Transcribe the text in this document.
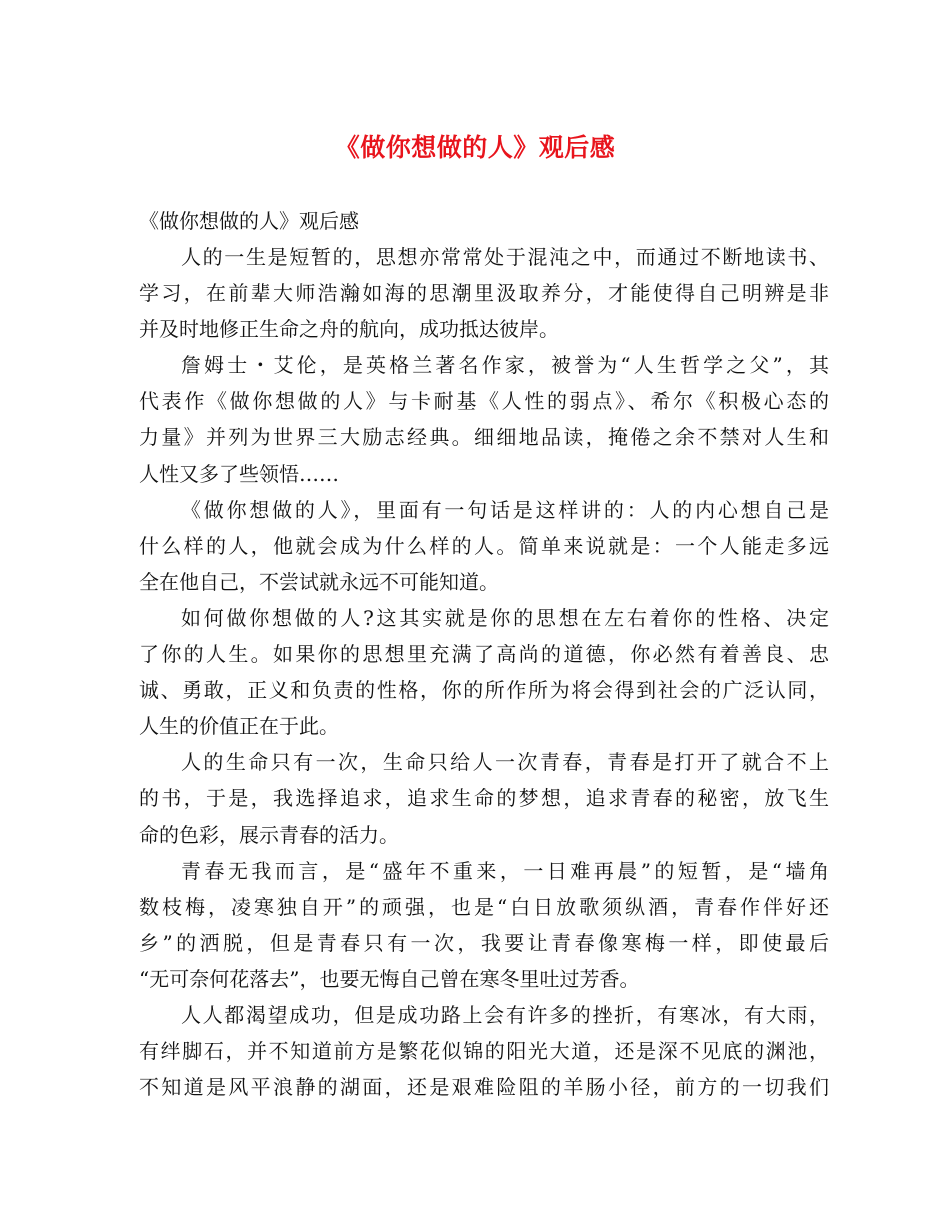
《做你想做的人》观后感

《做你想做的人》观后感

人的一生是短暂的，思想亦常常处于混沌之中，而通过不断地读书、
学习，在前辈大师浩瀚如海的思潮里汲取养分，才能使得自己明辨是非
并及时地修正生命之舟的航向，成功抵达彼岸。
詹姆士・艾伦，是英格兰著名作家，被誉为“人生哲学之父”，其
代表作《做你想做的人》与卡耐基《人性的弱点》、希尔《积极心态的
力量》并列为世界三大励志经典。细细地品读，掩倦之余不禁对人生和
人性又多了些领悟……
《做你想做的人》，里面有一句话是这样讲的：人的内心想自己是
什么样的人，他就会成为什么样的人。简单来说就是：一个人能走多远
全在他自己，不尝试就永远不可能知道。
如何做你想做的人?这其实就是你的思想在左右着你的性格、决定
了你的人生。如果你的思想里充满了高尚的道德，你必然有着善良、忠
诚、勇敢，正义和负责的性格，你的所作所为将会得到社会的广泛认同，
人生的价值正在于此。
人的生命只有一次，生命只给人一次青春，青春是打开了就合不上
的书，于是，我选择追求，追求生命的梦想，追求青春的秘密，放飞生
命的色彩，展示青春的活力。
青春无我而言，是“盛年不重来，一日难再晨”的短暂，是“墙角
数枝梅，凌寒独自开”的顽强，也是“白日放歌须纵酒，青春作伴好还
乡”的洒脱，但是青春只有一次，我要让青春像寒梅一样，即使最后
“无可奈何花落去”，也要无悔自己曾在寒冬里吐过芳香。
人人都渴望成功，但是成功路上会有许多的挫折，有寒冰，有大雨，
有绊脚石，并不知道前方是繁花似锦的阳光大道，还是深不见底的渊池，
不知道是风平浪静的湖面，还是艰难险阻的羊肠小径，前方的一切我们
